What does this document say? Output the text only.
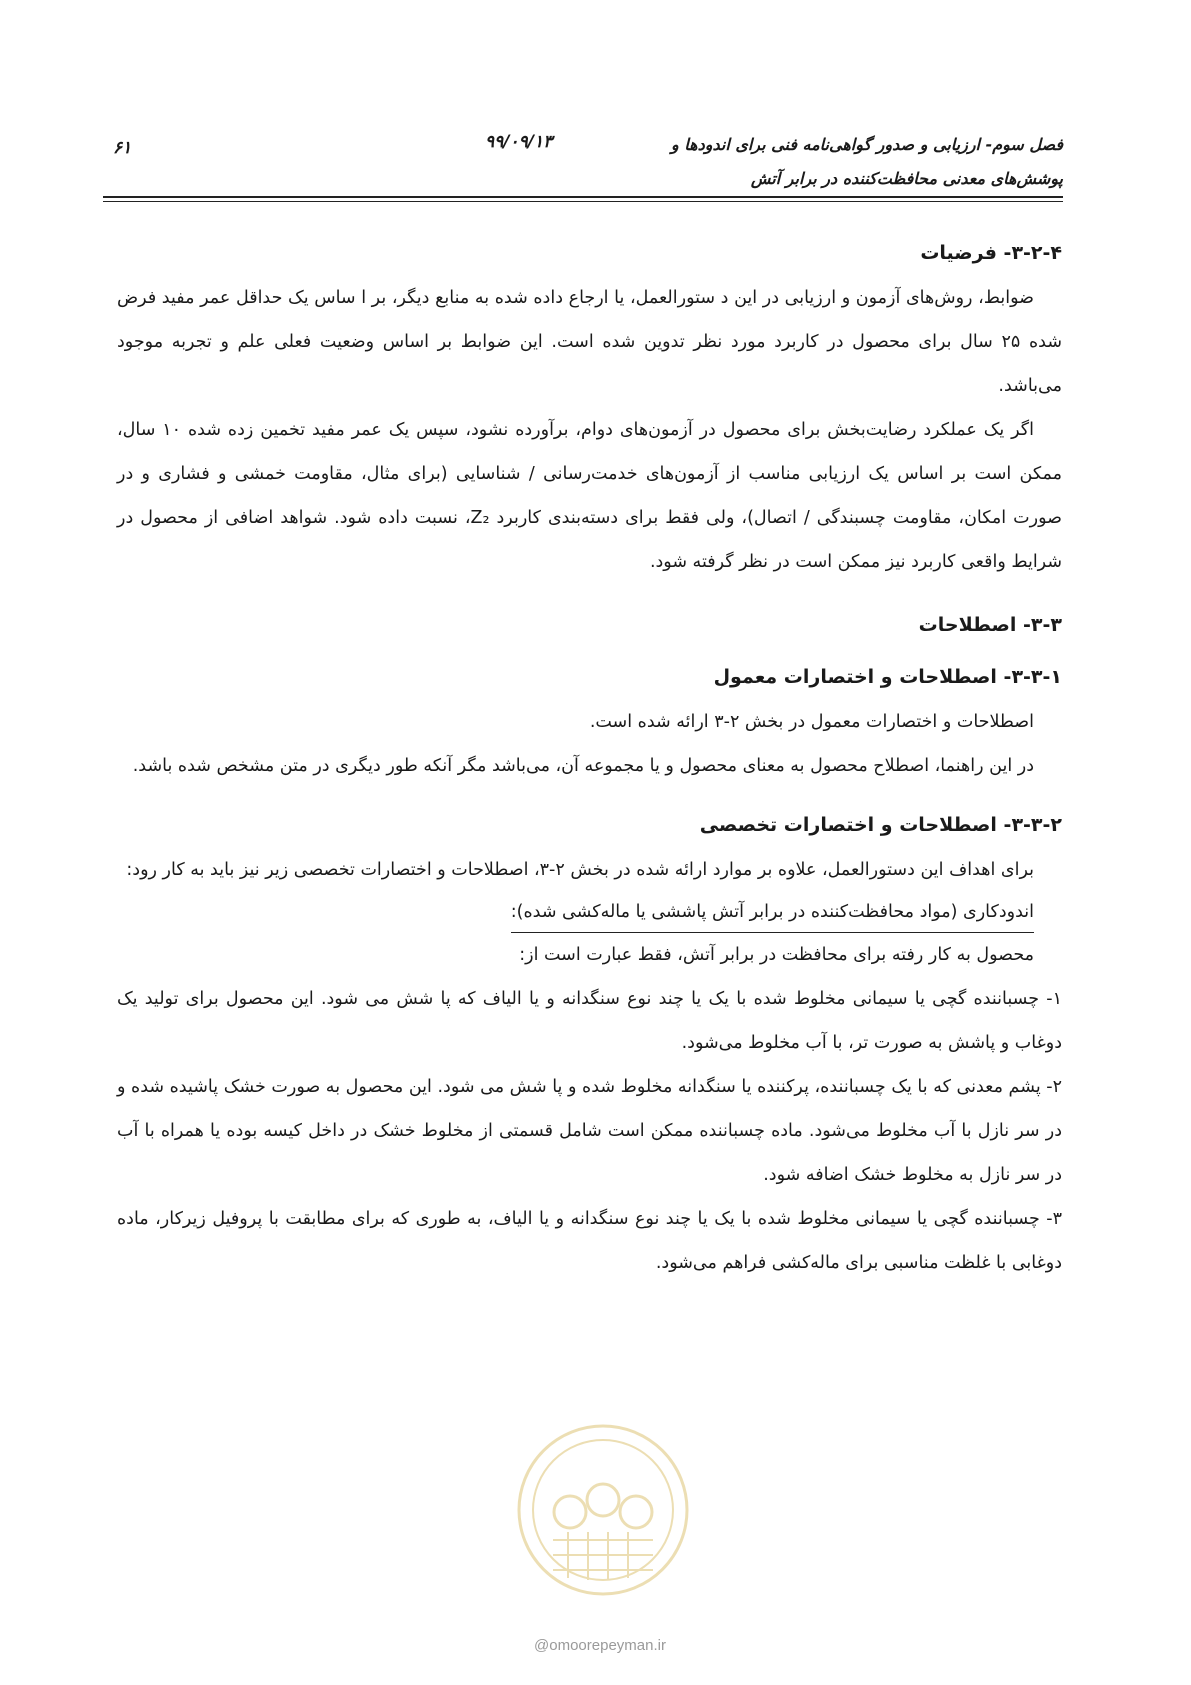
فصل سوم- ارزیابی و صدور گواهی‌نامه فنی برای اندودها و
پوشش‌های معدنی محافظت‌کننده در برابر آتش
۹۹/۰۹/۱۳
۶۱
۳-۲-۴- فرضیات

ضوابط، روش‌های آزمون و ارزیابی در این د ستورالعمل، یا ارجاع داده شده به منابع دیگر، بر ا ساس یک حداقل عمر مفید فرض شده ۲۵ سال برای محصول در کاربرد مورد نظر تدوین شده است. این ضوابط بر اساس وضعیت فعلی علم و تجربه موجود می‌باشد.

اگر یک عملکرد رضایت‌بخش برای محصول در آزمون‌های دوام، برآورده نشود، سپس یک عمر مفید تخمین زده شده ۱۰ سال، ممکن است بر اساس یک ارزیابی مناسب از آزمون‌های خدمت‌رسانی / شناسایی (برای مثال، مقاومت خمشی و فشاری و در صورت امکان، مقاومت چسبندگی / اتصال)، ولی فقط برای دسته‌بندی کاربرد Z₂، نسبت داده شود. شواهد اضافی از محصول در شرایط واقعی کاربرد نیز ممکن است در نظر گرفته شود.

۳-۳- اصطلاحات
۳-۳-۱- اصطلاحات و اختصارات معمول

اصطلاحات و اختصارات معمول در بخش ۲-۳ ارائه شده است.

در این راهنما، اصطلاح محصول به معنای محصول و یا مجموعه آن، می‌باشد مگر آنکه طور دیگری در متن مشخص شده باشد.

۳-۳-۲- اصطلاحات و اختصارات تخصصی

برای اهداف این دستورالعمل، علاوه بر موارد ارائه شده در بخش ۲-۳، اصطلاحات و اختصارات تخصصی زیر نیز باید به کار رود:

اندودکاری (مواد محافظت‌کننده در برابر آتش پاششی یا ماله‌کشی شده):

محصول به کار رفته برای محافظت در برابر آتش، فقط عبارت است از:

۱- چسباننده گچی یا سیمانی مخلوط شده با یک یا چند نوع سنگدانه و یا الیاف که پا شش می شود. این محصول برای تولید یک دوغاب و پاشش به صورت تر، با آب مخلوط می‌شود.

۲- پشم معدنی که با یک چسباننده، پرکننده یا سنگدانه مخلوط شده و پا شش می شود. این محصول به صورت خشک پاشیده شده و در سر نازل با آب مخلوط می‌شود. ماده چسباننده ممکن است شامل قسمتی از مخلوط خشک در داخل کیسه بوده یا همراه با آب در سر نازل به مخلوط خشک اضافه شود.

۳- چسباننده گچی یا سیمانی مخلوط شده با یک یا چند نوع سنگدانه و یا الیاف، به طوری که برای مطابقت با پروفیل زیرکار، ماده دوغابی با غلظت مناسبی برای ماله‌کشی فراهم می‌شود.

@omoorepeyman.ir
